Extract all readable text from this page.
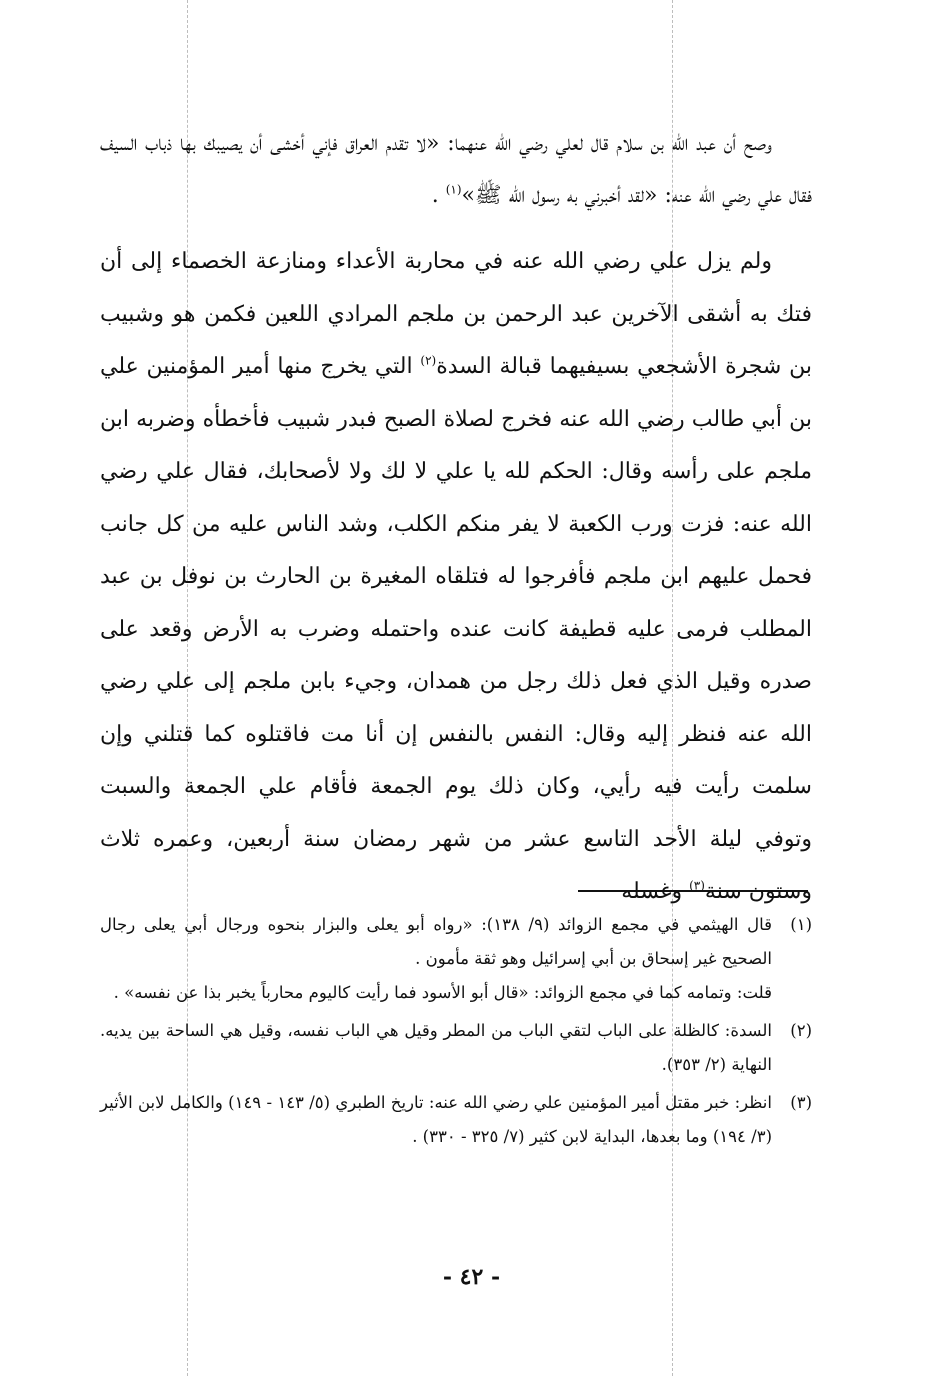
وصح أن عبد الله بن سلام قال لعلي رضي الله عنهما: «لا تقدم العراق فإني أخشى أن يصيبك بها ذباب السيف فقال علي رضي الله عنه: «لقد أخبرني به رسول الله ﷺ»$^{(١)}$ .

ولم يزل علي رضي الله عنه في محاربة الأعداء ومنازعة الخصماء إلى أن فتك به أشقى الآخرين عبد الرحمن بن ملجم المرادي اللعين فكمن هو وشبيب بن شجرة الأشجعي بسيفيهما قبالة السدة$^{(٢)}$ التي يخرج منها أمير المؤمنين علي بن أبي طالب رضي الله عنه فخرج لصلاة الصبح فبدر شبيب فأخطأه وضربه ابن ملجم على رأسه وقال: الحكم لله يا علي لا لك ولا لأصحابك، فقال علي رضي الله عنه: فزت ورب الكعبة لا يفر منكم الكلب، وشد الناس عليه من كل جانب فحمل عليهم ابن ملجم فأفرجوا له فتلقاه المغيرة بن الحارث بن نوفل بن عبد المطلب فرمى عليه قطيفة كانت عنده واحتمله وضرب به الأرض وقعد على صدره وقيل الذي فعل ذلك رجل من همدان، وجيء بابن ملجم إلى علي رضي الله عنه فنظر إليه وقال: النفس بالنفس إن أنا مت فاقتلوه كما قتلني وإن سلمت رأيت فيه رأيي، وكان ذلك يوم الجمعة فأقام علي الجمعة والسبت وتوفي ليلة الأحد التاسع عشر من شهر رمضان سنة أربعين، وعمره ثلاث وستون سنة$^{(٣)}$ وغسله

(١)

قال الهيثمي في مجمع الزوائد (٩/ ١٣٨): «رواه أبو يعلى والبزار بنحوه ورجال أبي يعلى رجال الصحيح غير إسحاق بن أبي إسرائيل وهو ثقة مأمون .

قلت: وتمامه كما في مجمع الزوائد: «قال أبو الأسود فما رأيت كاليوم محارباً يخبر بذا عن نفسه» .

(٢)

السدة: كالظلة على الباب لتقي الباب من المطر وقيل هي الباب نفسه، وقيل هي الساحة بين يديه. النهاية (٢/ ٣٥٣).

(٣)

انظر: خبر مقتل أمير المؤمنين علي رضي الله عنه: تاريخ الطبري (٥/ ١٤٣ - ١٤٩) والكامل لابن الأثير (٣/ ١٩٤) وما بعدها، البداية لابن كثير (٧/ ٣٢٥ - ٣٣٠) .

- ٤٢ -
